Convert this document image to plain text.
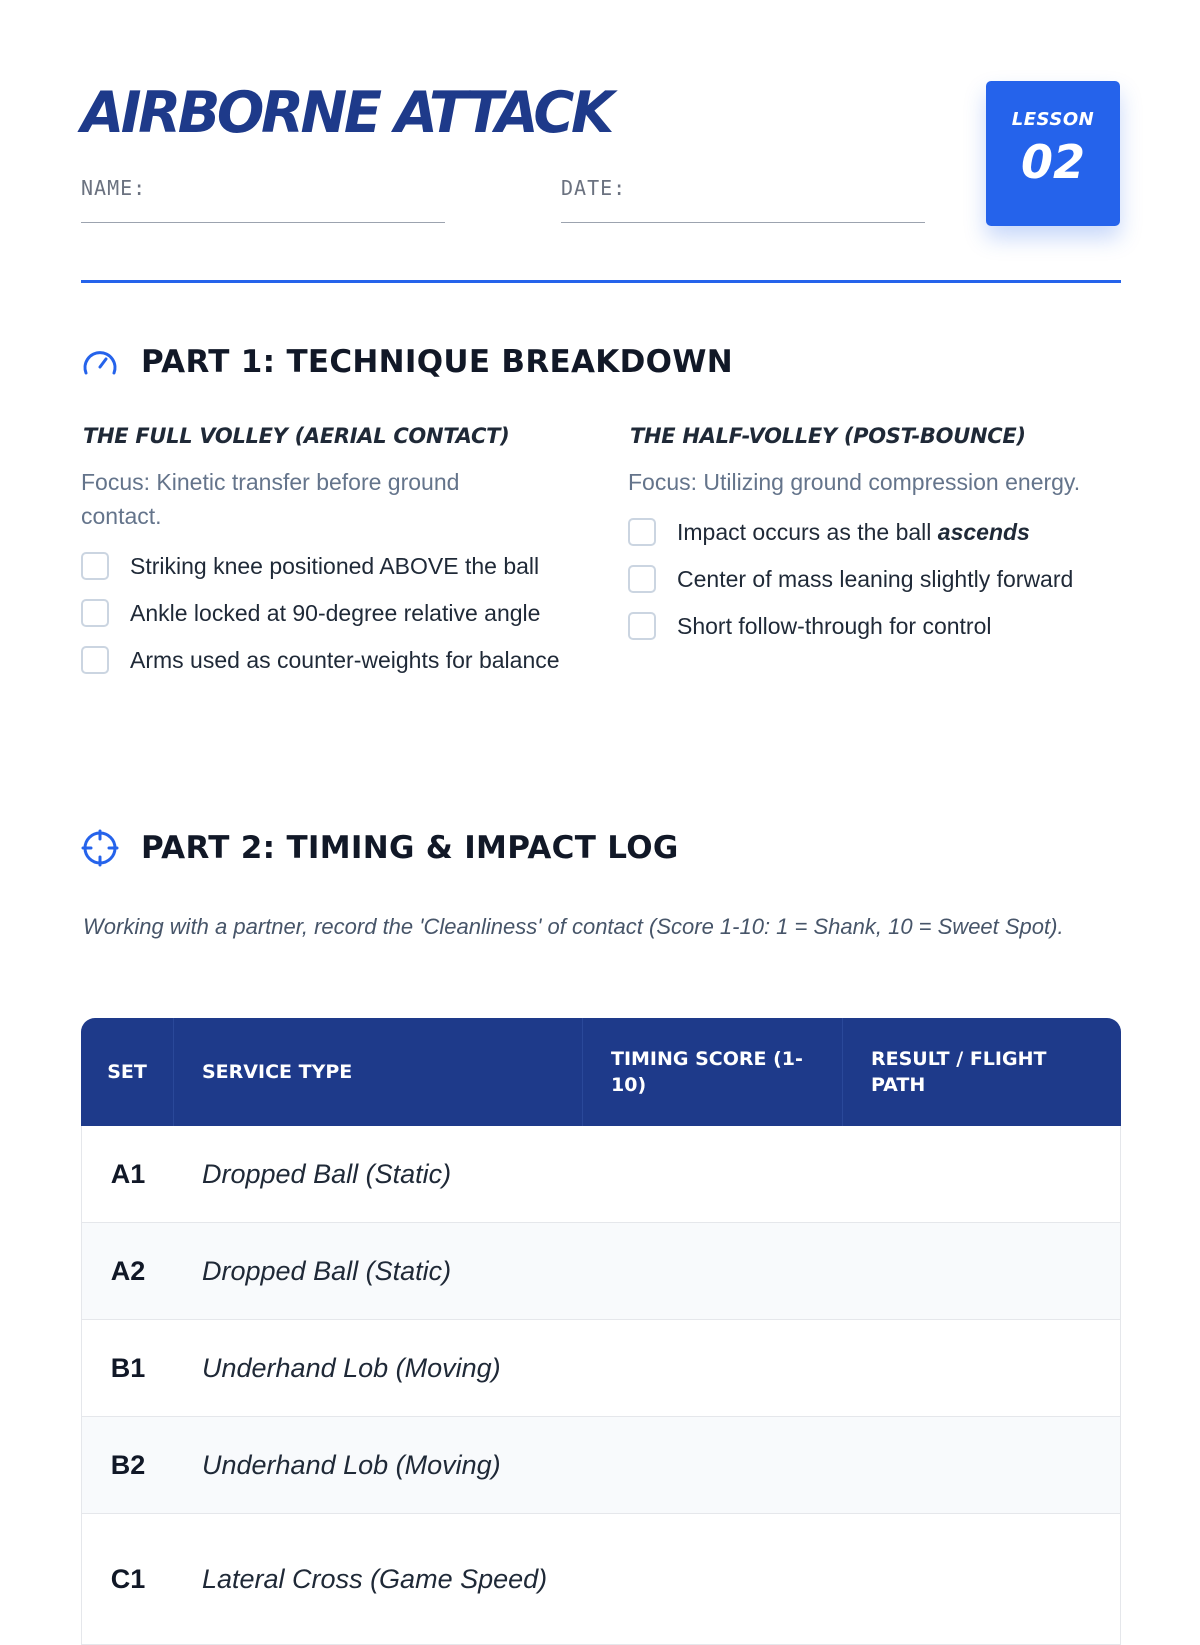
AIRBORNE ATTACK
NAME:	DATE:
LESSON
02
PART 1: TECHNIQUE BREAKDOWN
THE FULL VOLLEY (AERIAL CONTACT)

Focus: Kinetic transfer before ground contact.

Striking knee positioned ABOVE the ball
Ankle locked at 90-degree relative angle
Arms used as counter-weights for balance
THE HALF-VOLLEY (POST-BOUNCE)

Focus: Utilizing ground compression energy.

Impact occurs as the ball ascends
Center of mass leaning slightly forward
Short follow-through for control
PART 2: TIMING & IMPACT LOG

Working with a partner, record the 'Cleanliness' of contact (Score 1-10: 1 = Shank, 10 = Sweet Spot).

SET	SERVICE TYPE	TIMING SCORE (1-10)	RESULT / FLIGHT PATH
A1	Dropped Ball (Static)		
A2	Dropped Ball (Static)		
B1	Underhand Lob (Moving)		
B2	Underhand Lob (Moving)		
C1	Lateral Cross (Game Speed)		
